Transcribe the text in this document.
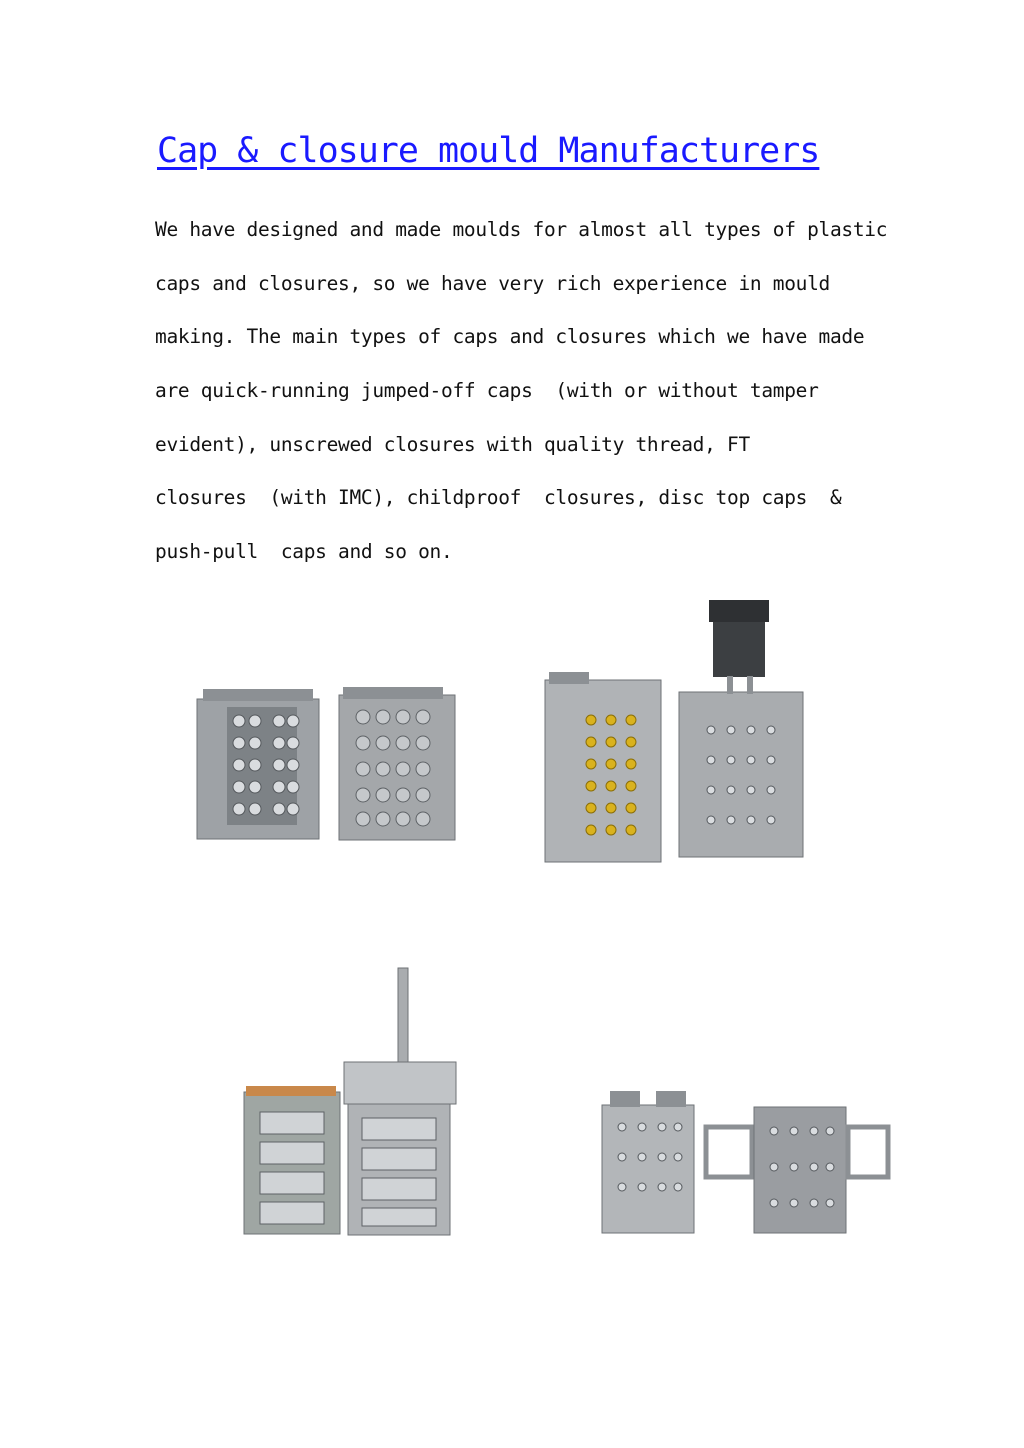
Cap & closure mould Manufacturers

We have designed and made moulds for almost all types of plastic

caps and closures, so we have very rich experience in mould

making. The main types of caps and closures which we have made

are quick-running jumped-off caps  (with or without tamper

evident), unscrewed closures with quality thread, FT

closures  (with IMC), childproof  closures, disc top caps  &

push-pull  caps and so on.
